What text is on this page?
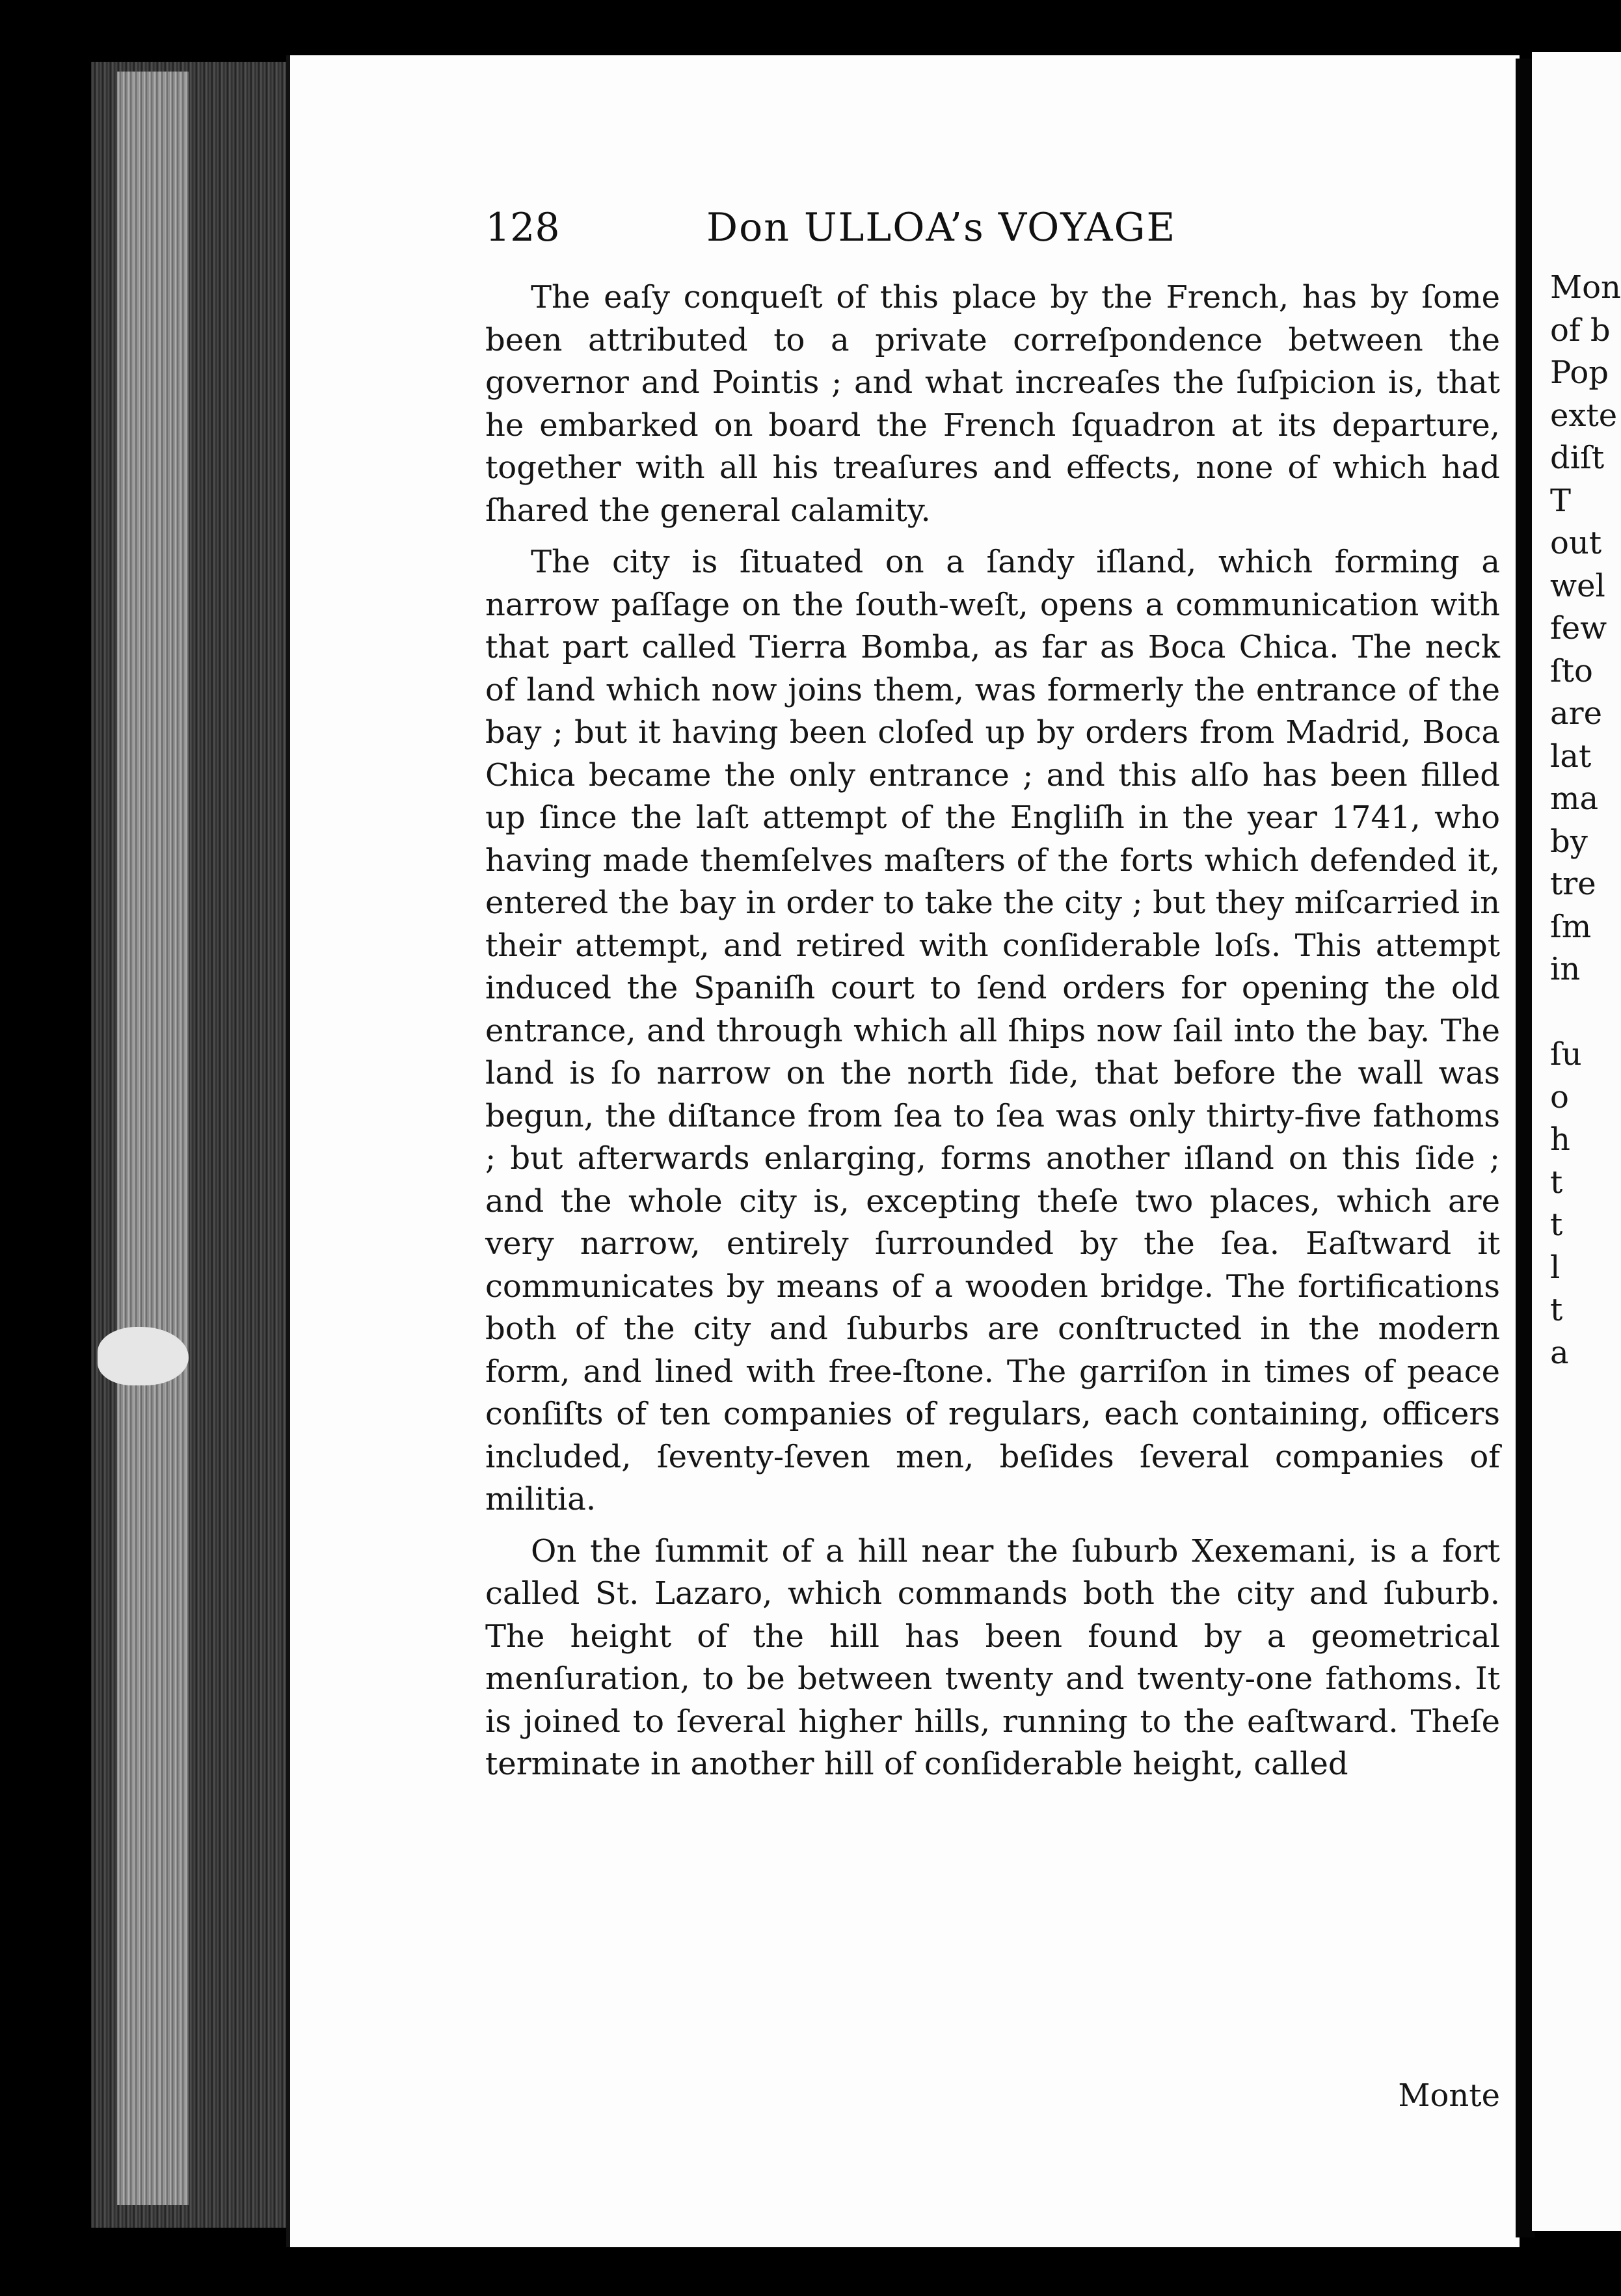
128	Don ULLOA’s VOYAGE

The eaſy conqueſt of this place by the French, has by ſome been attributed to a private correſpondence between the governor and Pointis ; and what increaſes the ſuſpicion is, that he embarked on board the French ſquadron at its departure, together with all his treaſures and effects, none of which had ſhared the general calamity.

The city is ſituated on a ſandy iſland, which forming a narrow paſſage on the ſouth-weſt, opens a communication with that part called Tierra Bomba, as far as Boca Chica. The neck of land which now joins them, was formerly the entrance of the bay ; but it having been cloſed up by orders from Madrid, Boca Chica became the only entrance ; and this alſo has been filled up ſince the laſt attempt of the Engliſh in the year 1741, who having made themſelves maſters of the forts which defended it, entered the bay in order to take the city ; but they miſcarried in their attempt, and retired with conſiderable loſs. This attempt induced the Spaniſh court to ſend orders for opening the old entrance, and through which all ſhips now ſail into the bay. The land is ſo narrow on the north ſide, that before the wall was begun, the diſtance from ſea to ſea was only thirty-five fathoms ; but afterwards enlarging, forms another iſland on this ſide ; and the whole city is, excepting theſe two places, which are very narrow, entirely ſurrounded by the ſea. Eaſtward it communicates by means of a wooden bridge. The fortifications both of the city and ſuburbs are conſtructed in the modern form, and lined with free-ſtone. The garriſon in times of peace conſiſts of ten companies of regulars, each containing, officers included, ſeventy-ſeven men, beſides ſeveral companies of militia.

On the ſummit of a hill near the ſuburb Xexemani, is a fort called St. Lazaro, which commands both the city and ſuburb. The height of the hill has been found by a geometrical menſuration, to be between twenty and twenty-one fathoms. It is joined to ſeveral higher hills, running to the eaſtward. Theſe terminate in another hill of conſiderable height, called

Monte
Mon
of b
Pop
exte
diſt
T
out
wel
few
ſto
are
lat
ma
by
tre
ſm
in
ſu
o
h
t
t
l
t
a
